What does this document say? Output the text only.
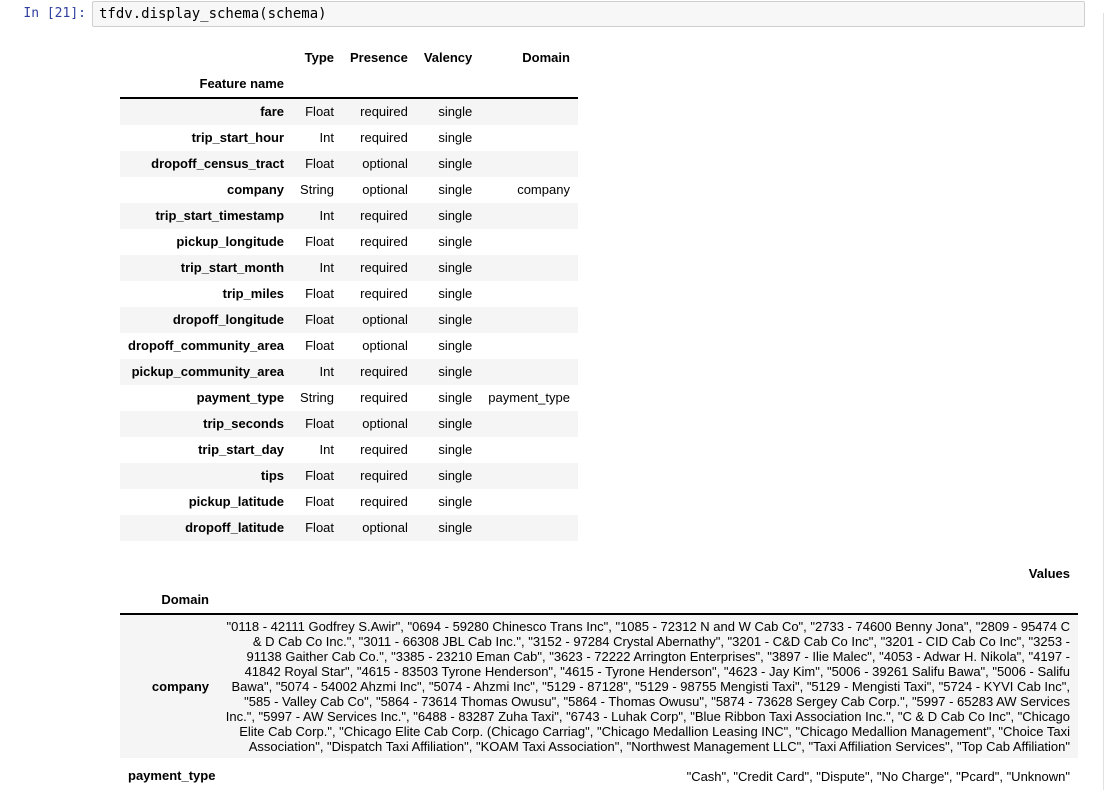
In [21]: tfdv.display_schema(schema)
	Type	Presence	Valency	Domain
Feature name				
fare	Float	required	single	
trip_start_hour	Int	required	single	
dropoff_census_tract	Float	optional	single	
company	String	optional	single	company
trip_start_timestamp	Int	required	single	
pickup_longitude	Float	required	single	
trip_start_month	Int	required	single	
trip_miles	Float	required	single	
dropoff_longitude	Float	optional	single	
dropoff_community_area	Float	optional	single	
pickup_community_area	Int	required	single	
payment_type	String	required	single	payment_type
trip_seconds	Float	optional	single	
trip_start_day	Int	required	single	
tips	Float	required	single	
pickup_latitude	Float	required	single	
dropoff_latitude	Float	optional	single	
	Values
Domain	
company	"0118 - 42111 Godfrey S.Awir", "0694 - 59280 Chinesco Trans Inc", "1085 - 72312 N and W Cab Co", "2733 - 74600 Benny Jona", "2809 - 95474 C & D Cab Co Inc.", "3011 - 66308 JBL Cab Inc.", "3152 - 97284 Crystal Abernathy", "3201 - C&D Cab Co Inc", "3201 - CID Cab Co Inc", "3253 - 91138 Gaither Cab Co.", "3385 - 23210 Eman Cab", "3623 - 72222 Arrington Enterprises", "3897 - Ilie Malec", "4053 - Adwar H. Nikola", "4197 - 41842 Royal Star", "4615 - 83503 Tyrone Henderson", "4615 - Tyrone Henderson", "4623 - Jay Kim", "5006 - 39261 Salifu Bawa", "5006 - Salifu Bawa", "5074 - 54002 Ahzmi Inc", "5074 - Ahzmi Inc", "5129 - 87128", "5129 - 98755 Mengisti Taxi", "5129 - Mengisti Taxi", "5724 - KYVI Cab Inc", "585 - Valley Cab Co", "5864 - 73614 Thomas Owusu", "5864 - Thomas Owusu", "5874 - 73628 Sergey Cab Corp.", "5997 - 65283 AW Services Inc.", "5997 - AW Services Inc.", "6488 - 83287 Zuha Taxi", "6743 - Luhak Corp", "Blue Ribbon Taxi Association Inc.", "C & D Cab Co Inc", "Chicago Elite Cab Corp.", "Chicago Elite Cab Corp. (Chicago Carriag", "Chicago Medallion Leasing INC", "Chicago Medallion Management", "Choice Taxi Association", "Dispatch Taxi Affiliation", "KOAM Taxi Association", "Northwest Management LLC", "Taxi Affiliation Services", "Top Cab Affiliation"
payment_type	"Cash", "Credit Card", "Dispute", "No Charge", "Pcard", "Unknown"
